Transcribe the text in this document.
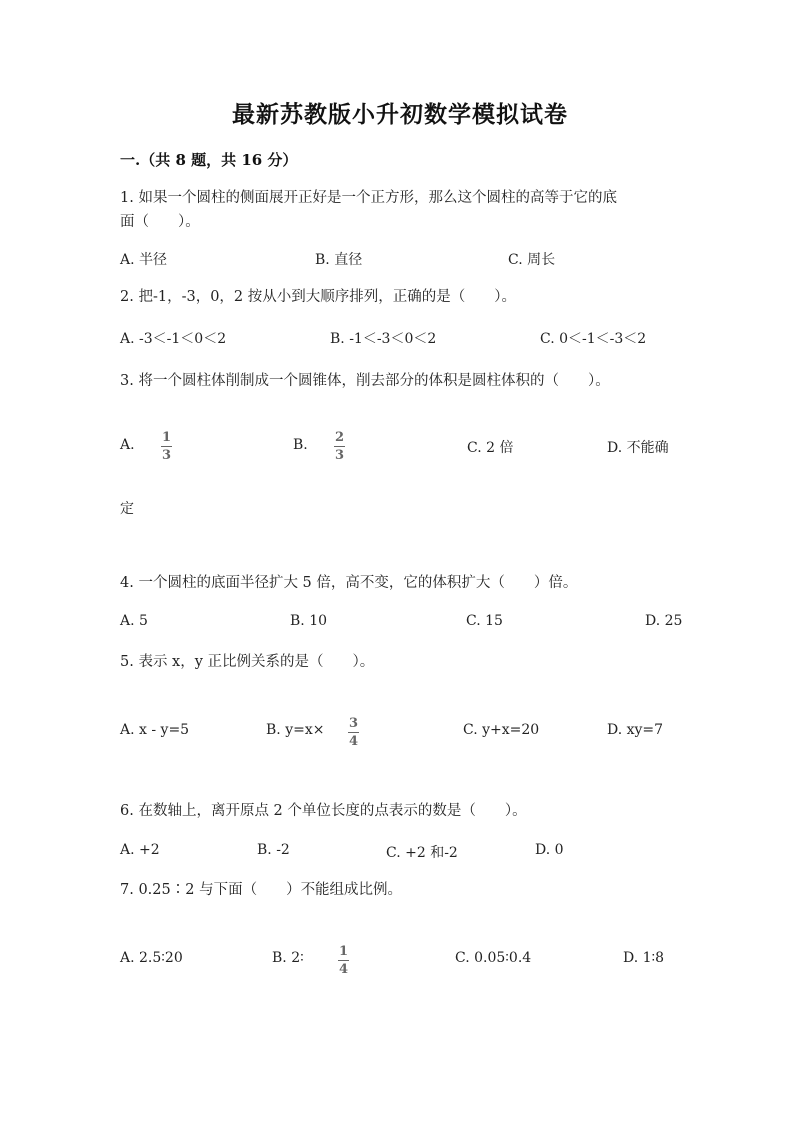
最新苏教版小升初数学模拟试卷
一.（共 8 题，共 16 分）
1. 如果一个圆柱的侧面展开正好是一个正方形，那么这个圆柱的高等于它的底
面（　　）。
A. 半径	B. 直径	C. 周长
2. 把-1，-3，0，2 按从小到大顺序排列，正确的是（　　）。
A. -3＜-1＜0＜2	B. -1＜-3＜0＜2	C. 0＜-1＜-3＜2
3. 将一个圆柱体削制成一个圆锥体，削去部分的体积是圆柱体积的（　　）。
A. 1
3
B. 2
3	C. 2 倍	D. 不能确
定
4. 一个圆柱的底面半径扩大 5 倍，高不变，它的体积扩大（　　）倍。
A. 5	B. 10	C. 15	D. 25
5. 表示 x，y 正比例关系的是（　　）。
A. x - y=5	B. y=x× 3
4
C. y+x=20	D. xy=7
6. 在数轴上，离开原点 2 个单位长度的点表示的数是（　　）。
A. +2	B. -2	C. +2 和-2	D. 0
7. 0.25∶2 与下面（　　）不能组成比例。
A. 2.5∶20	B. 2∶	1
4
C. 0.05∶0.4	D. 1∶8
